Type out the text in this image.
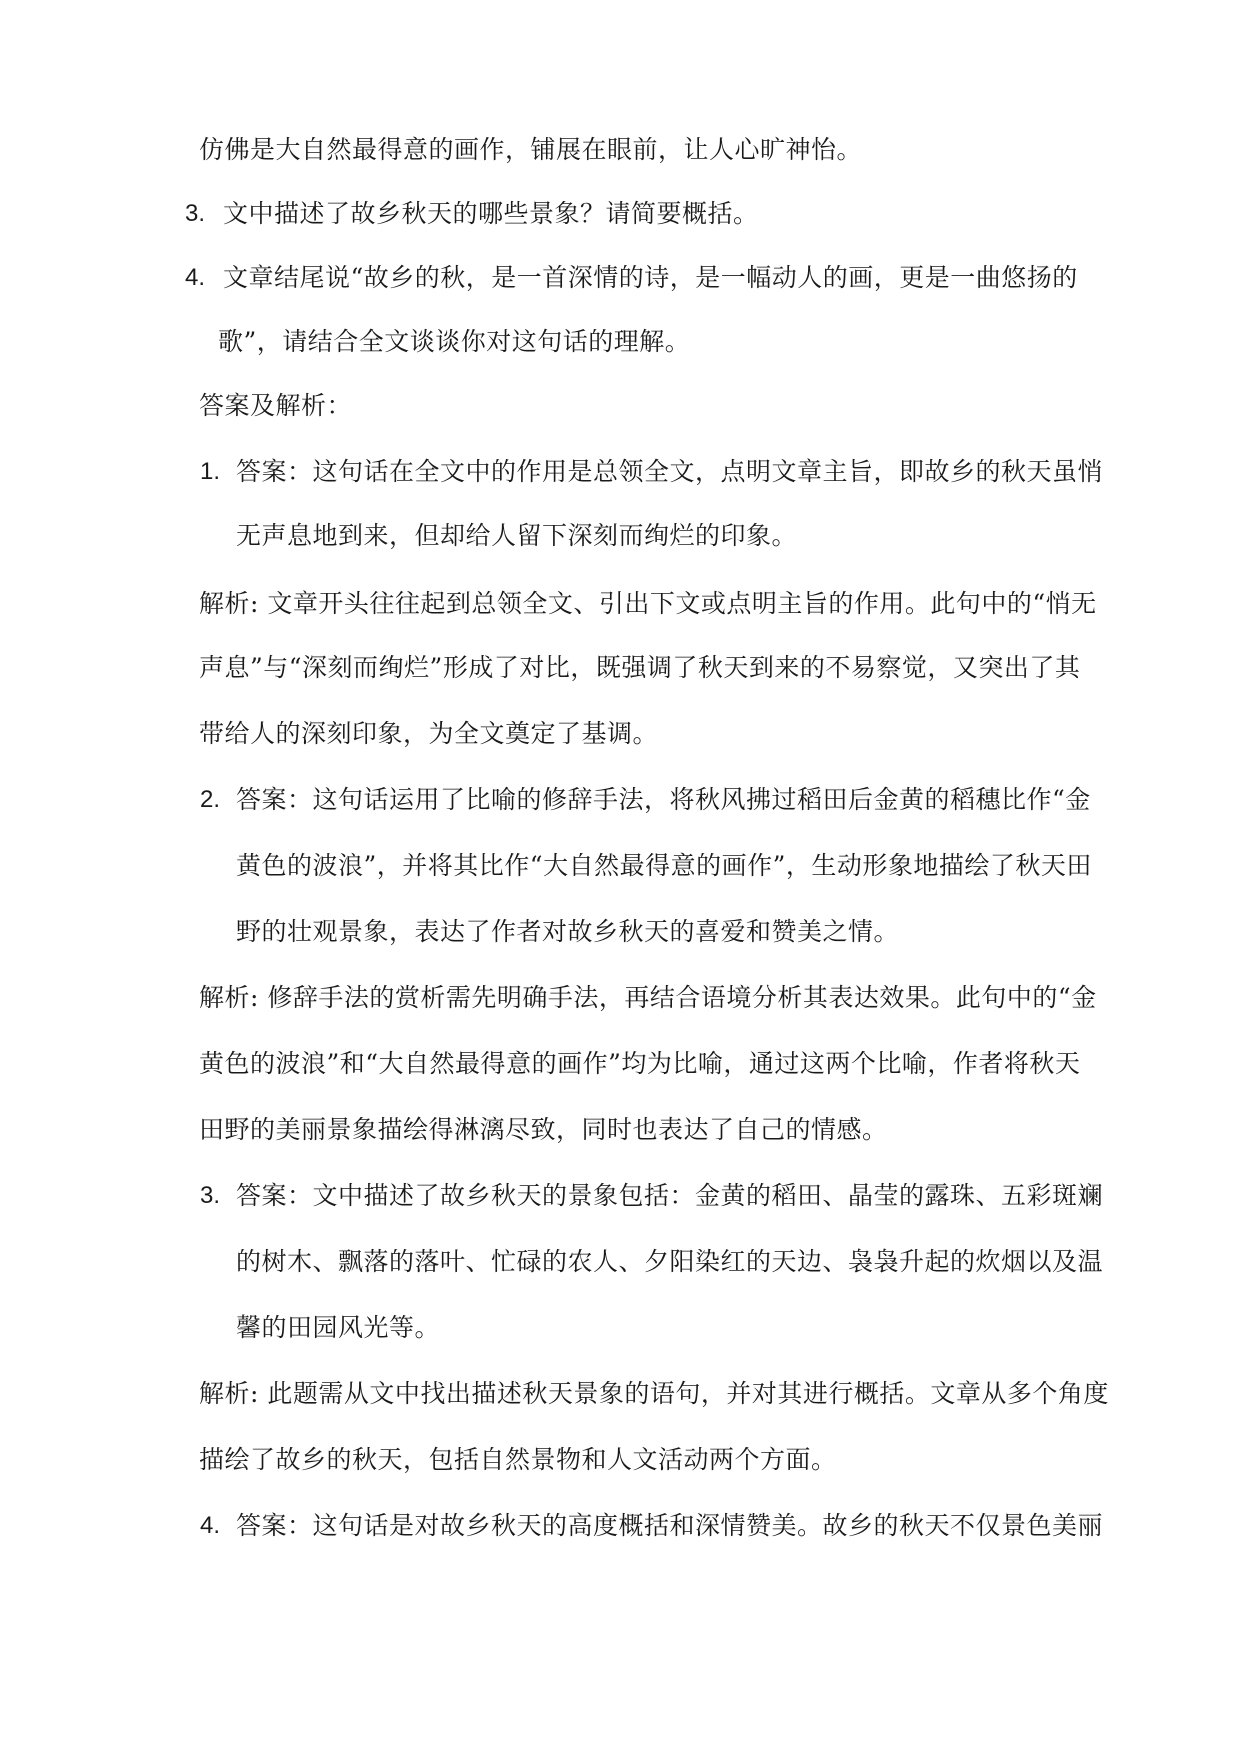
仿佛是大自然最得意的画作，铺展在眼前，让人心旷神怡。
3. 文中描述了故乡秋天的哪些景象？请简要概括。
4. 文章结尾说“故乡的秋，是一首深情的诗，是一幅动人的画，更是一曲悠扬的
歌”，请结合全文谈谈你对这句话的理解。
答案及解析：
1. 答案：这句话在全文中的作用是总领全文，点明文章主旨，即故乡的秋天虽悄
无声息地到来，但却给人留下深刻而绚烂的印象。
解析: 文章开头往往起到总领全文、引出下文或点明主旨的作用。此句中的“悄无
声息”与“深刻而绚烂”形成了对比，既强调了秋天到来的不易察觉，又突出了其
带给人的深刻印象，为全文奠定了基调。
2. 答案：这句话运用了比喻的修辞手法，将秋风拂过稻田后金黄的稻穗比作“金
黄色的波浪”，并将其比作“大自然最得意的画作”，生动形象地描绘了秋天田
野的壮观景象，表达了作者对故乡秋天的喜爱和赞美之情。
解析: 修辞手法的赏析需先明确手法，再结合语境分析其表达效果。此句中的“金
黄色的波浪”和“大自然最得意的画作”均为比喻，通过这两个比喻，作者将秋天
田野的美丽景象描绘得淋漓尽致，同时也表达了自己的情感。
3. 答案：文中描述了故乡秋天的景象包括：金黄的稻田、晶莹的露珠、五彩斑斓
的树木、飘落的落叶、忙碌的农人、夕阳染红的天边、袅袅升起的炊烟以及温
馨的田园风光等。
解析: 此题需从文中找出描述秋天景象的语句，并对其进行概括。文章从多个角度
描绘了故乡的秋天，包括自然景物和人文活动两个方面。
4. 答案：这句话是对故乡秋天的高度概括和深情赞美。故乡的秋天不仅景色美丽
